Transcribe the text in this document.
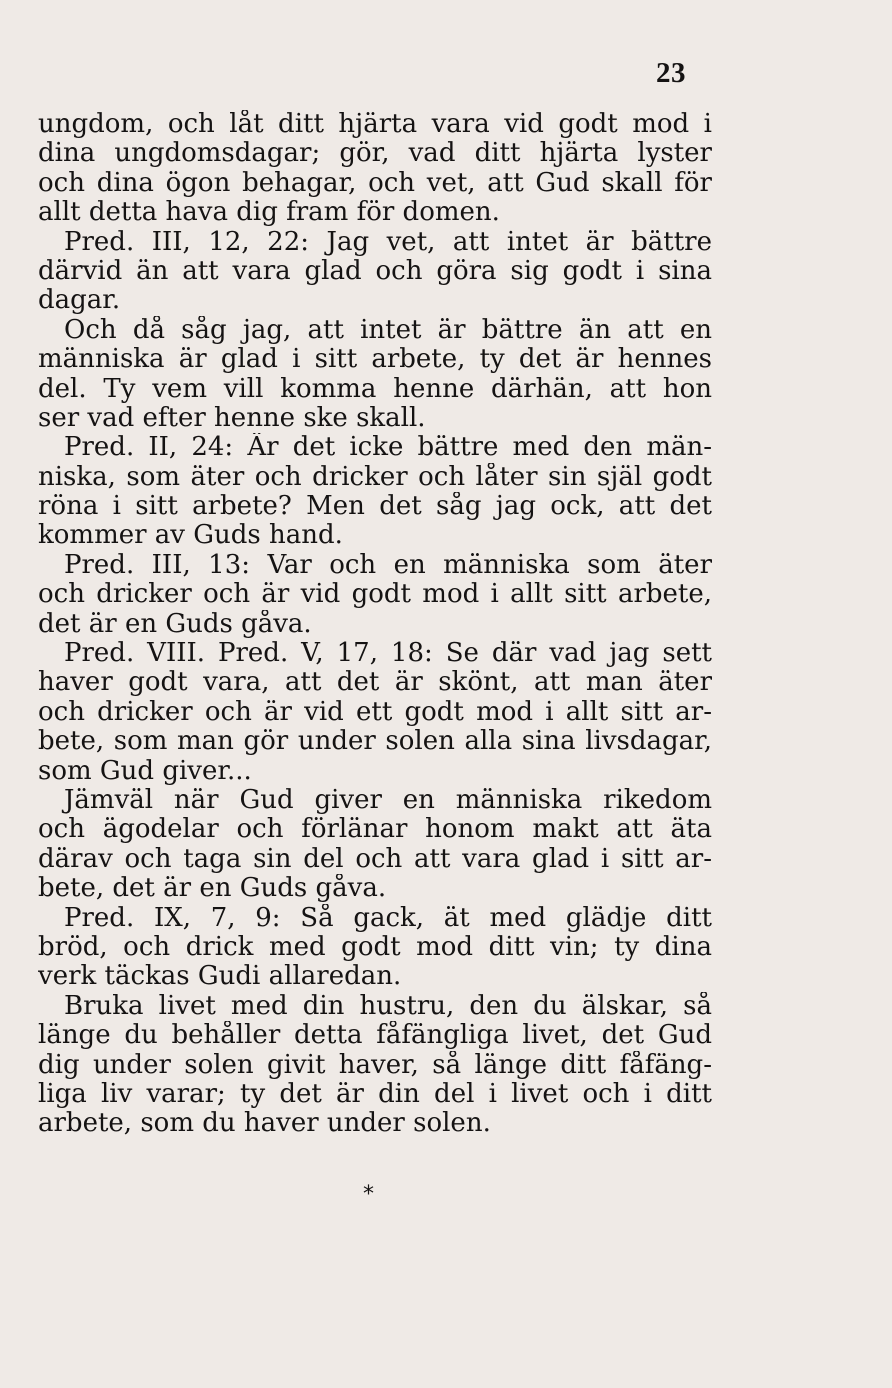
23
ungdom, och låt ditt hjärta vara vid godt mod i
dina ungdomsdagar; gör, vad ditt hjärta lyster
och dina ögon behagar, och vet, att Gud skall för
allt detta hava dig fram för domen.
Pred. III, 12, 22: Jag vet, att intet är bättre
därvid än att vara glad och göra sig godt i sina
dagar.
Och då såg jag, att intet är bättre än att en
människa är glad i sitt arbete, ty det är hennes
del. Ty vem vill komma henne därhän, att hon
ser vad efter henne ske skall.
Pred. II, 24: Är det icke bättre med den män-
niska, som äter och dricker och låter sin själ godt
röna i sitt arbete? Men det såg jag ock, att det
kommer av Guds hand.
Pred. III, 13: Var och en människa som äter
och dricker och är vid godt mod i allt sitt arbete,
det är en Guds gåva.
Pred. VIII. Pred. V, 17, 18: Se där vad jag sett
haver godt vara, att det är skönt, att man äter
och dricker och är vid ett godt mod i allt sitt ar-
bete, som man gör under solen alla sina livsdagar,
som Gud giver...
Jämväl när Gud giver en människa rikedom
och ägodelar och förlänar honom makt att äta
därav och taga sin del och att vara glad i sitt ar-
bete, det är en Guds gåva.
Pred. IX, 7, 9: Så gack, ät med glädje ditt
bröd, och drick med godt mod ditt vin; ty dina
verk täckas Gudi allaredan.
Bruka livet med din hustru, den du älskar, så
länge du behåller detta fåfängliga livet, det Gud
dig under solen givit haver, så länge ditt fåfäng-
liga liv varar; ty det är din del i livet och i ditt
arbete, som du haver under solen.
*
